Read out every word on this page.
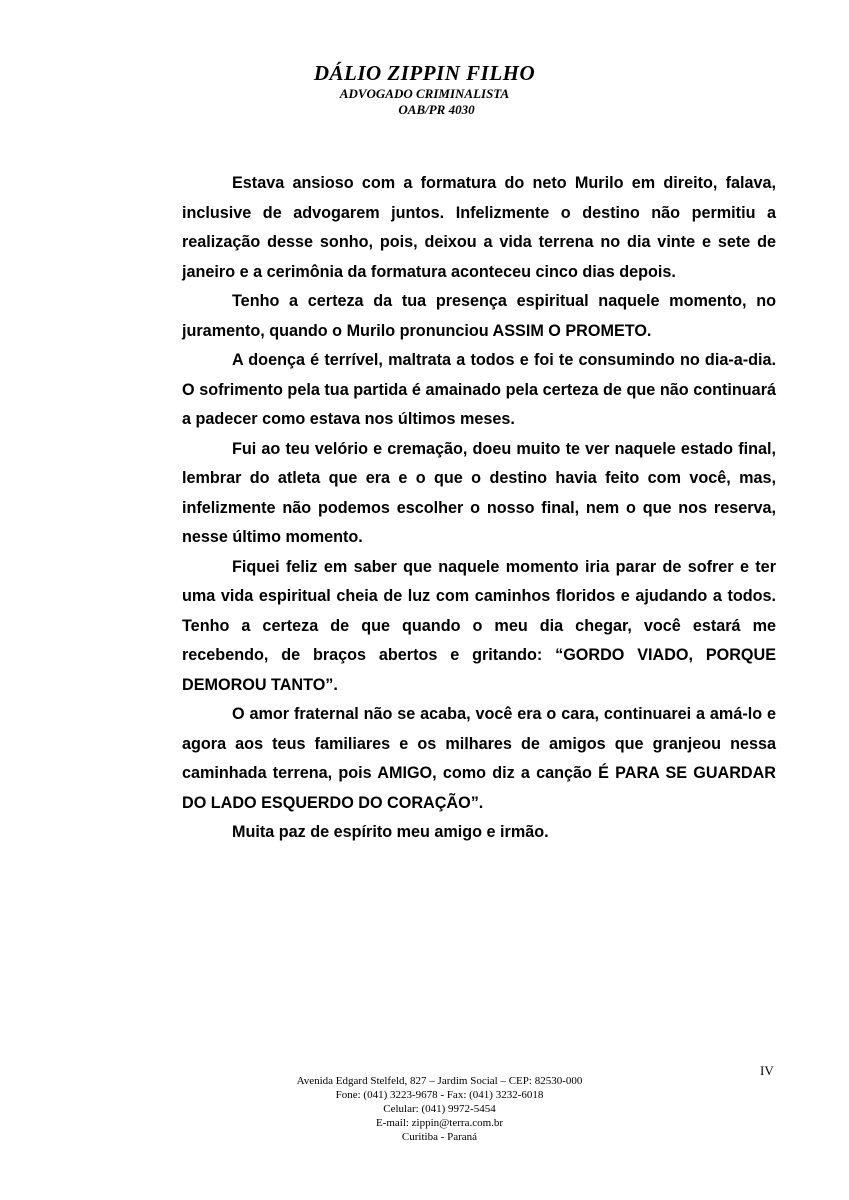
DÁLIO ZIPPIN FILHO
ADVOGADO CRIMINALISTA
OAB/PR 4030

Estava ansioso com a formatura do neto Murilo em direito, falava, inclusive de advogarem juntos. Infelizmente o destino não permitiu a realização desse sonho, pois, deixou a vida terrena no dia vinte e sete de janeiro e a cerimônia da formatura aconteceu cinco dias depois.

Tenho a certeza da tua presença espiritual naquele momento, no juramento, quando o Murilo pronunciou ASSIM O PROMETO.

A doença é terrível, maltrata a todos e foi te consumindo no dia-a-dia. O sofrimento pela tua partida é amainado pela certeza de que não continuará a padecer como estava nos últimos meses.

Fui ao teu velório e cremação, doeu muito te ver naquele estado final, lembrar do atleta que era e o que o destino havia feito com você, mas, infelizmente não podemos escolher o nosso final, nem o que nos reserva, nesse último momento.

Fiquei feliz em saber que naquele momento iria parar de sofrer e ter uma vida espiritual cheia de luz com caminhos floridos e ajudando a todos. Tenho a certeza de que quando o meu dia chegar, você estará me recebendo, de braços abertos e gritando: “GORDO VIADO, PORQUE DEMOROU TANTO”.

O amor fraternal não se acaba, você era o cara, continuarei a amá-lo e agora aos teus familiares e os milhares de amigos que granjeou nessa caminhada terrena, pois AMIGO, como diz a canção É PARA SE GUARDAR DO LADO ESQUERDO DO CORAÇÃO”.

Muita paz de espírito meu amigo e irmão.

IV
Avenida Edgard Stelfeld, 827 – Jardim Social – CEP: 82530-000
Fone: (041) 3223-9678 - Fax: (041) 3232-6018
Celular: (041) 9972-5454
E-mail: zippin@terra.com.br
Curitiba - Paraná
